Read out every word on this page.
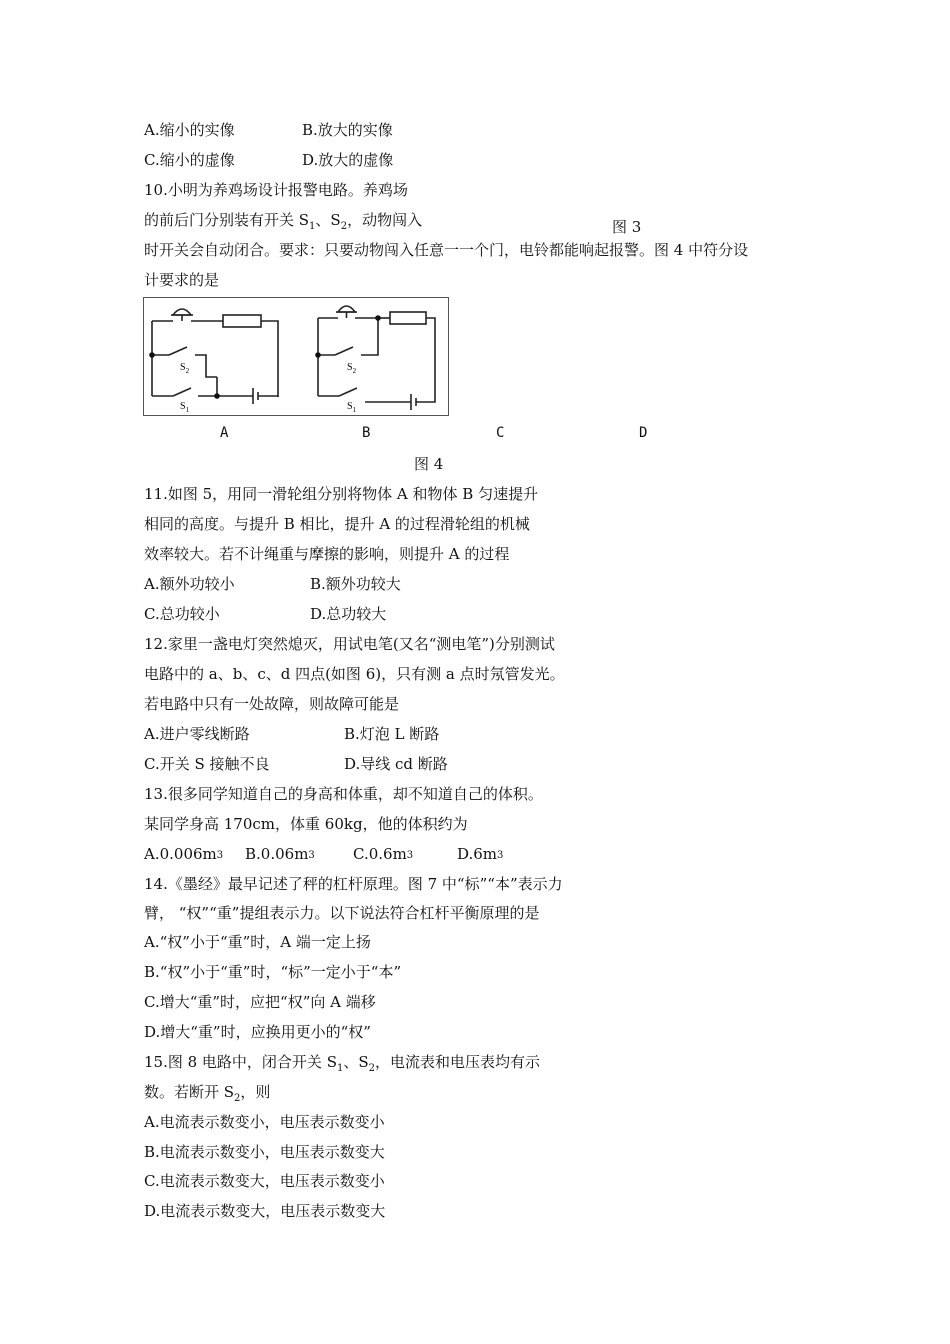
A.缩小的实像	B.放大的实像
C.缩小的虚像	D.放大的虚像
10.小明为养鸡场设计报警电路。养鸡场
的前后门分别装有开关 $S_1$、$S_2$，动物闯入	图 3
时开关会自动闭合。要求：只要动物闯入任意一一个门，电铃都能响起报警。图 4 中符分设
计要求的是
$S_2$
$S_1$
$S_2$
$S_1$
A	B	C	D
图 4
11.如图 5，用同一滑轮组分别将物体 A 和物体 B 匀速提升
相同的高度。与提升 B 相比，提升 A 的过程滑轮组的机械
效率较大。若不计绳重与摩擦的影响，则提升 A 的过程
A.额外功较小	B.额外功较大
C.总功较小	D.总功较大
12.家里一盏电灯突然熄灭，用试电笔(又名“测电笔”)分别测试
电路中的 a、b、c、d 四点(如图 6)，只有测 a 点时氖管发光。
若电路中只有一处故障，则故障可能是
A.进户零线断路	B.灯泡 L 断路
C.开关 S 接触不良	D.导线 cd 断路
13.很多同学知道自己的身高和体重，却不知道自己的体积。
某同学身高 170cm，体重 60kg，他的体积约为
A.0.006m3 B.0.06m3	C.0.6m3	D.6m3
14.《墨经》最早记述了秤的杠杆原理。图 7 中“标”“本”表示力
臂， “权”“重”提组表示力。以下说法符合杠杆平衡原理的是
A.“权”小于“重”时，A 端一定上扬
B.“权”小于“重”时，“标”一定小于“本”
C.增大“重”时，应把“权”向 A 端移
D.增大“重”时，应换用更小的“权”
15.图 8 电路中，闭合开关 $S_1$、$S_2$，电流表和电压表均有示
数。若断开 $S_2$，则
A.电流表示数变小，电压表示数变小
B.电流表示数变小，电压表示数变大
C.电流表示数变大，电压表示数变小
D.电流表示数变大，电压表示数变大
